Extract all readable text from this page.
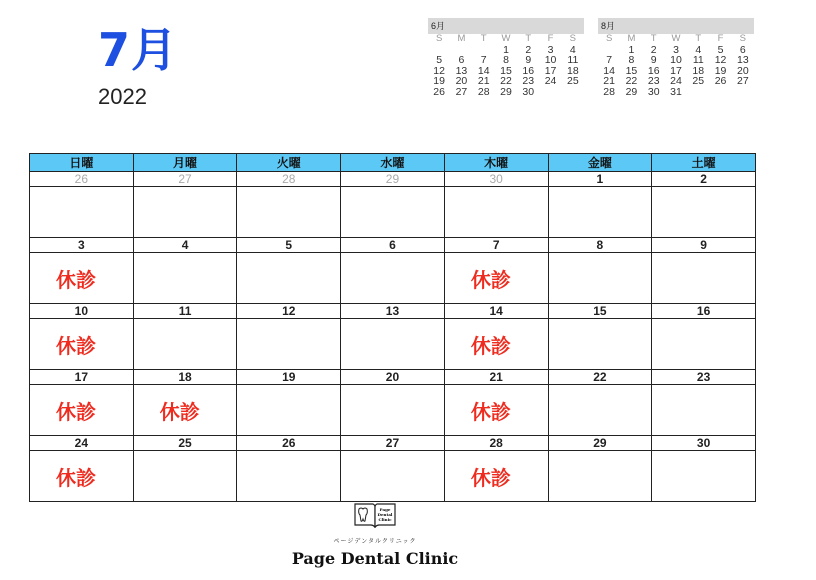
7月
2022
6月
S	M	T	W	T	F	S
			1	2	3	4
5	6	7	8	9	10	11
12	13	14	15	16	17	18
19	20	21	22	23	24	25
26	27	28	29	30		
8月
S	M	T	W	T	F	S
	1	2	3	4	5	6
7	8	9	10	11	12	13
14	15	16	17	18	19	20
21	22	23	24	25	26	27
28	29	30	31			
日曜	月曜	火曜	水曜	木曜	金曜	土曜
26	27	28	29	30	1	2

3	4	5	6	7	8	9
休診				休診		
10	11	12	13	14	15	16
休診				休診		
17	18	19	20	21	22	23
休診	休診			休診		
24	25	26	27	28	29	30
休診				休診		
Page
Dental
Clinic
ページデンタルクリニック
Page Dental Clinic
